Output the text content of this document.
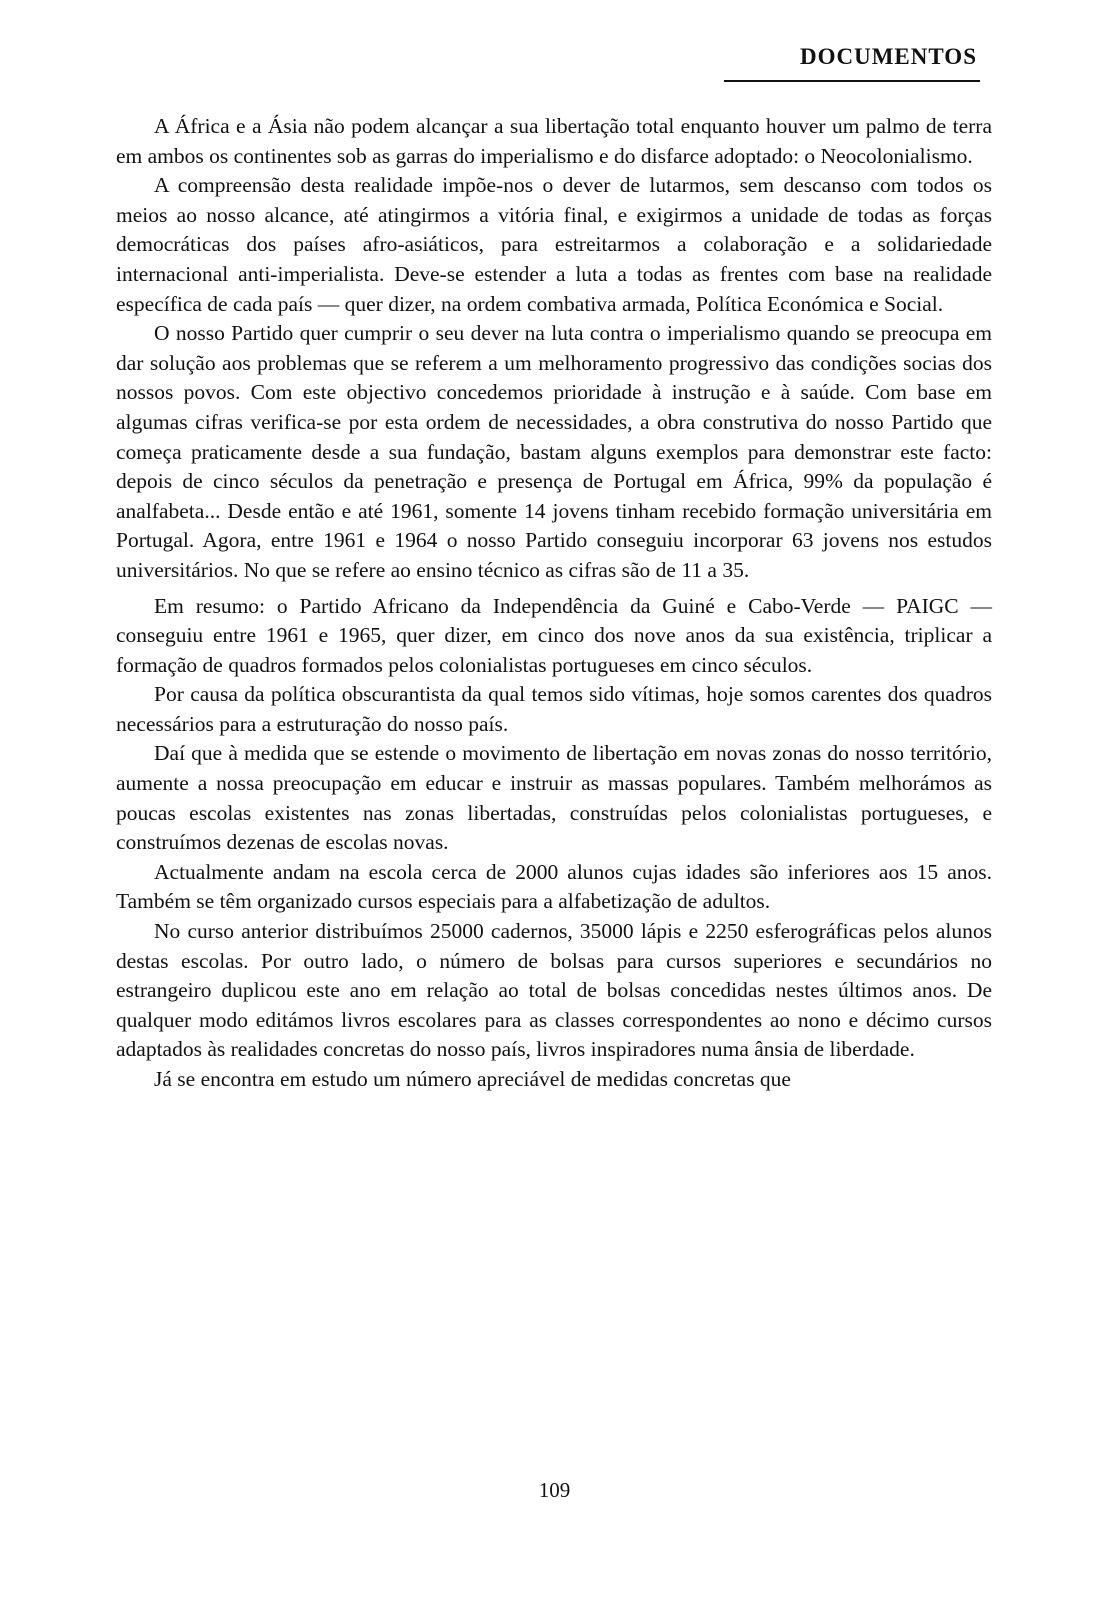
DOCUMENTOS

A África e a Ásia não podem alcançar a sua libertação total enquanto houver um palmo de terra em ambos os continentes sob as garras do imperialismo e do disfarce adoptado: o Neocolonialismo.

A compreensão desta realidade impõe-nos o dever de lutarmos, sem descanso com todos os meios ao nosso alcance, até atingirmos a vitória final, e exigirmos a unidade de todas as forças democráticas dos países afro-asiáticos, para estreitarmos a colaboração e a solidariedade internacional anti-imperialista. Deve-se estender a luta a todas as frentes com base na realidade específica de cada país — quer dizer, na ordem combativa armada, Política Económica e Social.

O nosso Partido quer cumprir o seu dever na luta contra o imperialismo quando se preocupa em dar solução aos problemas que se referem a um melhoramento progressivo das condições socias dos nossos povos. Com este objectivo concedemos prioridade à instrução e à saúde. Com base em algumas cifras verifica-se por esta ordem de necessidades, a obra construtiva do nosso Partido que começa praticamente desde a sua fundação, bastam alguns exemplos para demonstrar este facto: depois de cinco séculos da penetração e presença de Portugal em África, 99% da população é analfabeta... Desde então e até 1961, somente 14 jovens tinham recebido formação universitária em Portugal. Agora, entre 1961 e 1964 o nosso Partido conseguiu incorporar 63 jovens nos estudos universitários. No que se refere ao ensino técnico as cifras são de 11 a 35.

Em resumo: o Partido Africano da Independência da Guiné e Cabo-Verde — PAIGC — conseguiu entre 1961 e 1965, quer dizer, em cinco dos nove anos da sua existência, triplicar a formação de quadros formados pelos colonialistas portugueses em cinco séculos.

Por causa da política obscurantista da qual temos sido vítimas, hoje somos carentes dos quadros necessários para a estruturação do nosso país.

Daí que à medida que se estende o movimento de libertação em novas zonas do nosso território, aumente a nossa preocupação em educar e instruir as massas populares. Também melhorámos as poucas escolas existentes nas zonas libertadas, construídas pelos colonialistas portugueses, e construímos dezenas de escolas novas.

Actualmente andam na escola cerca de 2000 alunos cujas idades são inferiores aos 15 anos. Também se têm organizado cursos especiais para a alfabetização de adultos.

No curso anterior distribuímos 25000 cadernos, 35000 lápis e 2250 esferográficas pelos alunos destas escolas. Por outro lado, o número de bolsas para cursos superiores e secundários no estrangeiro duplicou este ano em relação ao total de bolsas concedidas nestes últimos anos. De qualquer modo editámos livros escolares para as classes correspondentes ao nono e décimo cursos adaptados às realidades concretas do nosso país, livros inspiradores numa ânsia de liberdade.

Já se encontra em estudo um número apreciável de medidas concretas que

109
